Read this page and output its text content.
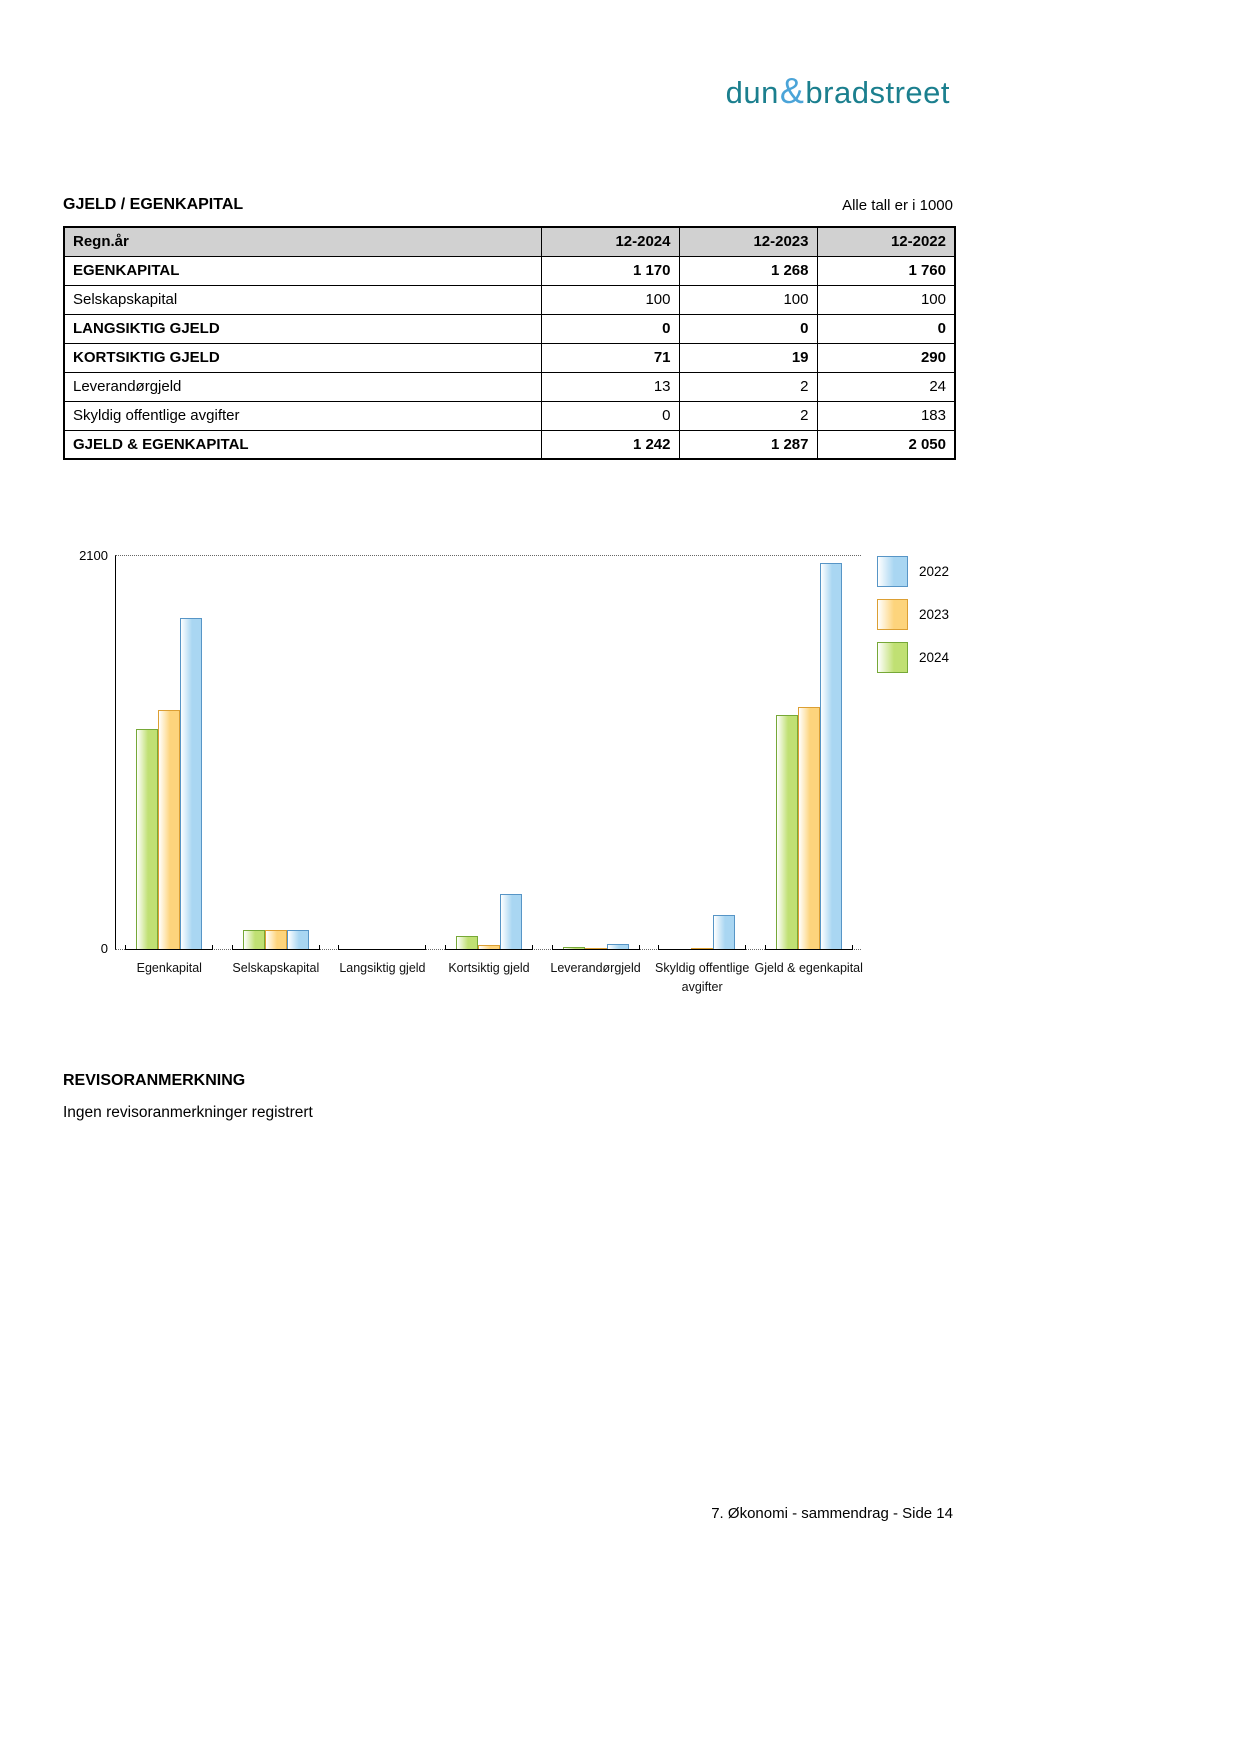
dun&bradstreet
GJELD / EGENKAPITAL	Alle tall er i 1000
Regn.år	12-2024	12-2023	12-2022
EGENKAPITAL	1 170	1 268	1 760
Selskapskapital	100	100	100
LANGSIKTIG GJELD	0	0	0
KORTSIKTIG GJELD	71	19	290
Leverandørgjeld	13	2	24
Skyldig offentlige avgifter	0	2	183
GJELD & EGENKAPITAL	1 242	1 287	2 050
2100
0
Egenkapital	Selskapskapital	Langsiktig gjeld	Kortsiktig gjeld	Leverandørgjeld	Skyldig offentlige avgifter
Gjeld & egenkapital
2022
2023
2024
REVISORANMERKNING
Ingen revisoranmerkninger registrert
7. Økonomi - sammendrag - Side 14
